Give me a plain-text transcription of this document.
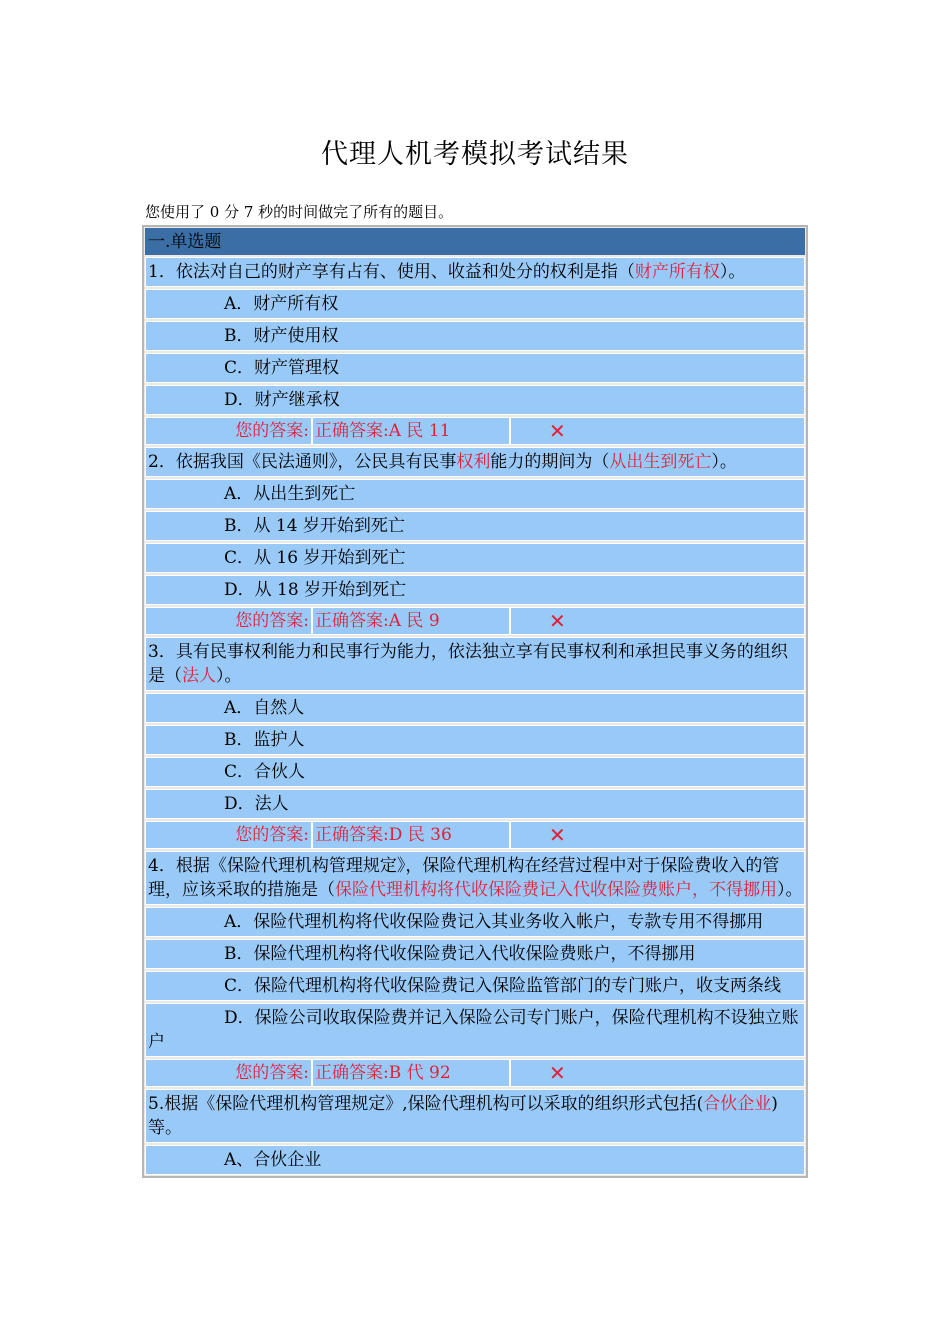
代理人机考模拟考试结果
您使用了 0 分 7 秒的时间做完了所有的题目。
一.单选题
1．依法对自己的财产享有占有、使用、收益和处分的权利是指（财产所有权）。
A．财产所有权
B．财产使用权
C．财产管理权
D．财产继承权
您的答案: 正确答案:A 民 11	✕
2．依据我国《民法通则》，公民具有民事权利能力的期间为（从出生到死亡）。
A．从出生到死亡
B．从 14 岁开始到死亡
C．从 16 岁开始到死亡
D．从 18 岁开始到死亡
您的答案: 正确答案:A 民 9	✕
3．具有民事权利能力和民事行为能力，依法独立享有民事权利和承担民事义务的组织是（法人）。
A．自然人
B．监护人
C．合伙人
D．法人
您的答案: 正确答案:D 民 36	✕
4．根据《保险代理机构管理规定》，保险代理机构在经营过程中对于保险费收入的管理，应该采取的措施是（保险代理机构将代收保险费记入代收保险费账户，不得挪用）。
A．保险代理机构将代收保险费记入其业务收入帐户，专款专用不得挪用
B．保险代理机构将代收保险费记入代收保险费账户，不得挪用
C．保险代理机构将代收保险费记入保险监管部门的专门账户，收支两条线
D．保险公司收取保险费并记入保险公司专门账户，保险代理机构不设独立账户
您的答案: 正确答案:B 代 92	✕
5.根据《保险代理机构管理规定》,保险代理机构可以采取的组织形式包括(合伙企业)等。
A、合伙企业
